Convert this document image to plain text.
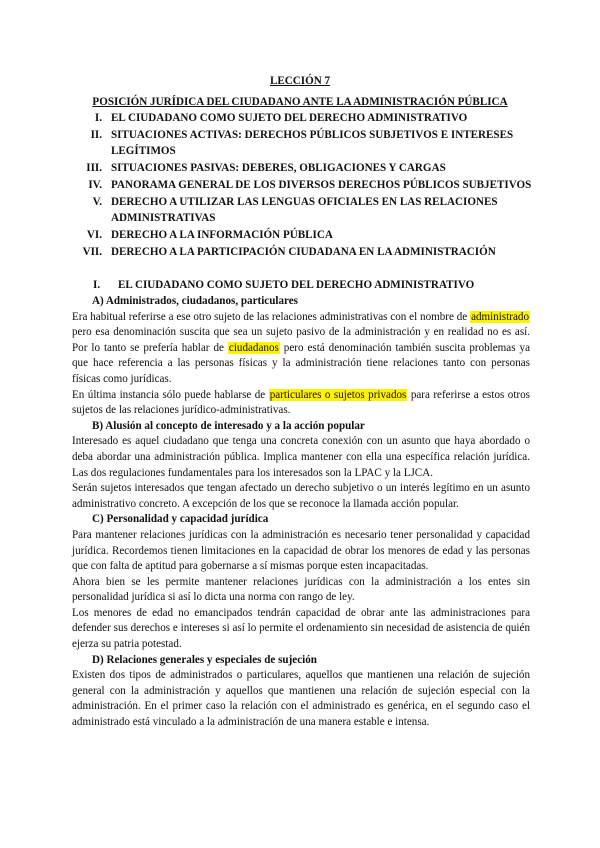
LECCIÓN 7
POSICIÓN JURÍDICA DEL CIUDADANO ANTE LA ADMINISTRACIÓN PÚBLICA
I. EL CIUDADANO COMO SUJETO DEL DERECHO ADMINISTRATIVO
II. SITUACIONES ACTIVAS: DERECHOS PÚBLICOS SUBJETIVOS E INTERESES LEGÍTIMOS
III. SITUACIONES PASIVAS: DEBERES, OBLIGACIONES Y CARGAS
IV. PANORAMA GENERAL DE LOS DIVERSOS DERECHOS PÚBLICOS SUBJETIVOS
V. DERECHO A UTILIZAR LAS LENGUAS OFICIALES EN LAS RELACIONES ADMINISTRATIVAS
VI. DERECHO A LA INFORMACIÓN PÚBLICA
VII. DERECHO A LA PARTICIPACIÓN CIUDADANA EN LA ADMINISTRACIÓN
I. EL CIUDADANO COMO SUJETO DEL DERECHO ADMINISTRATIVO
A) Administrados, ciudadanos, particulares

Era habitual referirse a ese otro sujeto de las relaciones administrativas con el nombre de administrado pero esa denominación suscita que sea un sujeto pasivo de la administración y en realidad no es así. Por lo tanto se prefería hablar de ciudadanos pero está denominación también suscita problemas ya que hace referencia a las personas físicas y la administración tiene relaciones tanto con personas físicas como jurídicas.

En última instancia sólo puede hablarse de particulares o sujetos privados para referirse a estos otros sujetos de las relaciones jurídico-administrativas.

B) Alusión al concepto de interesado y a la acción popular

Interesado es aquel ciudadano que tenga una concreta conexión con un asunto que haya abordado o deba abordar una administración pública. Implica mantener con ella una específica relación jurídica. Las dos regulaciones fundamentales para los interesados son la LPAC y la LJCA.

Serán sujetos interesados que tengan afectado un derecho subjetivo o un interés legítimo en un asunto administrativo concreto. A excepción de los que se reconoce la llamada acción popular.

C) Personalidad y capacidad jurídica

Para mantener relaciones jurídicas con la administración es necesario tener personalidad y capacidad jurídica. Recordemos tienen limitaciones en la capacidad de obrar los menores de edad y las personas que con falta de aptitud para gobernarse a sí mismas porque esten incapacitadas.

Ahora bien se les permite mantener relaciones jurídicas con la administración a los entes sin personalidad jurídica si así lo dicta una norma con rango de ley.

Los menores de edad no emancipados tendrán capacidad de obrar ante las administraciones para defender sus derechos e intereses si así lo permite el ordenamiento sin necesidad de asistencia de quién ejerza su patria potestad.

D) Relaciones generales y especiales de sujeción

Existen dos tipos de administrados o particulares, aquellos que mantienen una relación de sujeción general con la administración y aquellos que mantienen una relación de sujeción especial con la administración. En el primer caso la relación con el administrado es genérica, en el segundo caso el administrado está vinculado a la administración de una manera estable e intensa.
